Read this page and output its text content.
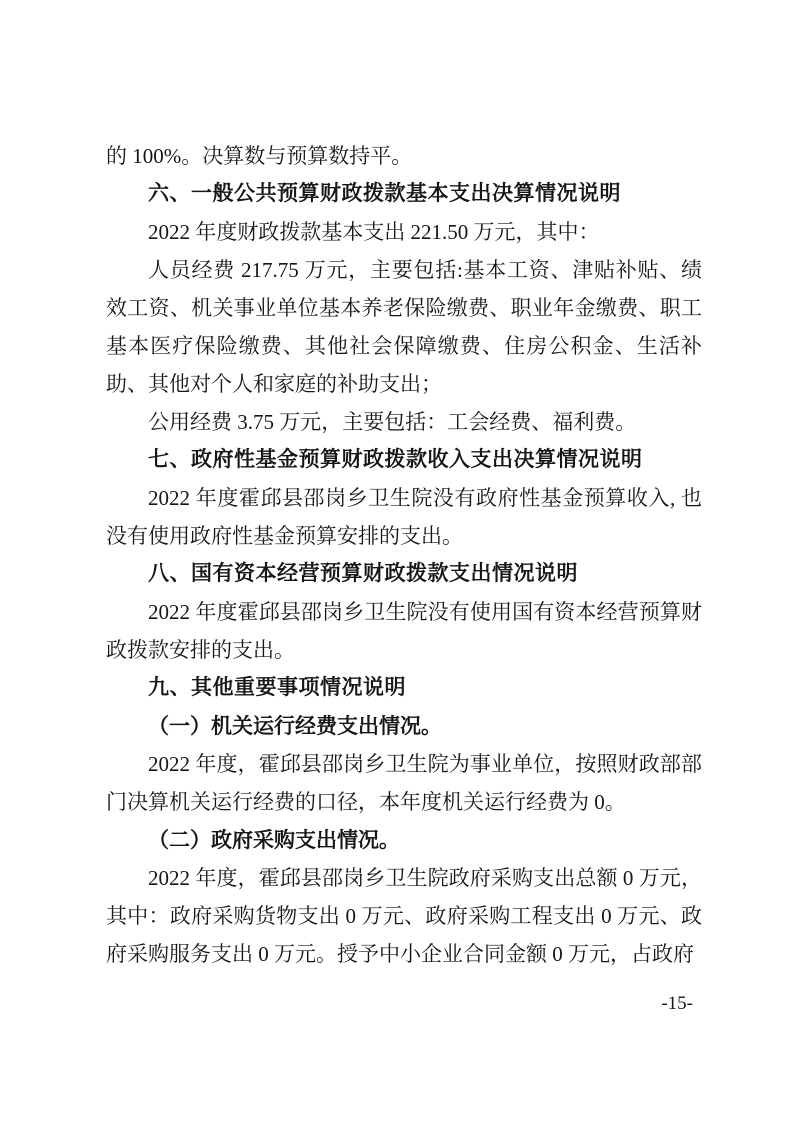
的 100%。决算数与预算数持平。

六、一般公共预算财政拨款基本支出决算情况说明

2022 年度财政拨款基本支出 221.50 万元，其中：

人员经费 217.75 万元，主要包括:基本工资、津贴补贴、绩效工资、机关事业单位基本养老保险缴费、职业年金缴费、职工基本医疗保险缴费、其他社会保障缴费、住房公积金、生活补助、其他对个人和家庭的补助支出；

公用经费 3.75 万元，主要包括：工会经费、福利费。

七、政府性基金预算财政拨款收入支出决算情况说明

2022 年度霍邱县邵岗乡卫生院没有政府性基金预算收入, 也没有使用政府性基金预算安排的支出。

八、国有资本经营预算财政拨款支出情况说明

2022 年度霍邱县邵岗乡卫生院没有使用国有资本经营预算财政拨款安排的支出。

九、其他重要事项情况说明

（一）机关运行经费支出情况。

2022 年度，霍邱县邵岗乡卫生院为事业单位，按照财政部部门决算机关运行经费的口径，本年度机关运行经费为 0。

（二）政府采购支出情况。

2022 年度，霍邱县邵岗乡卫生院政府采购支出总额 0 万元，其中：政府采购货物支出 0 万元、政府采购工程支出 0 万元、政府采购服务支出 0 万元。授予中小企业合同金额 0 万元，占政府

-15-
